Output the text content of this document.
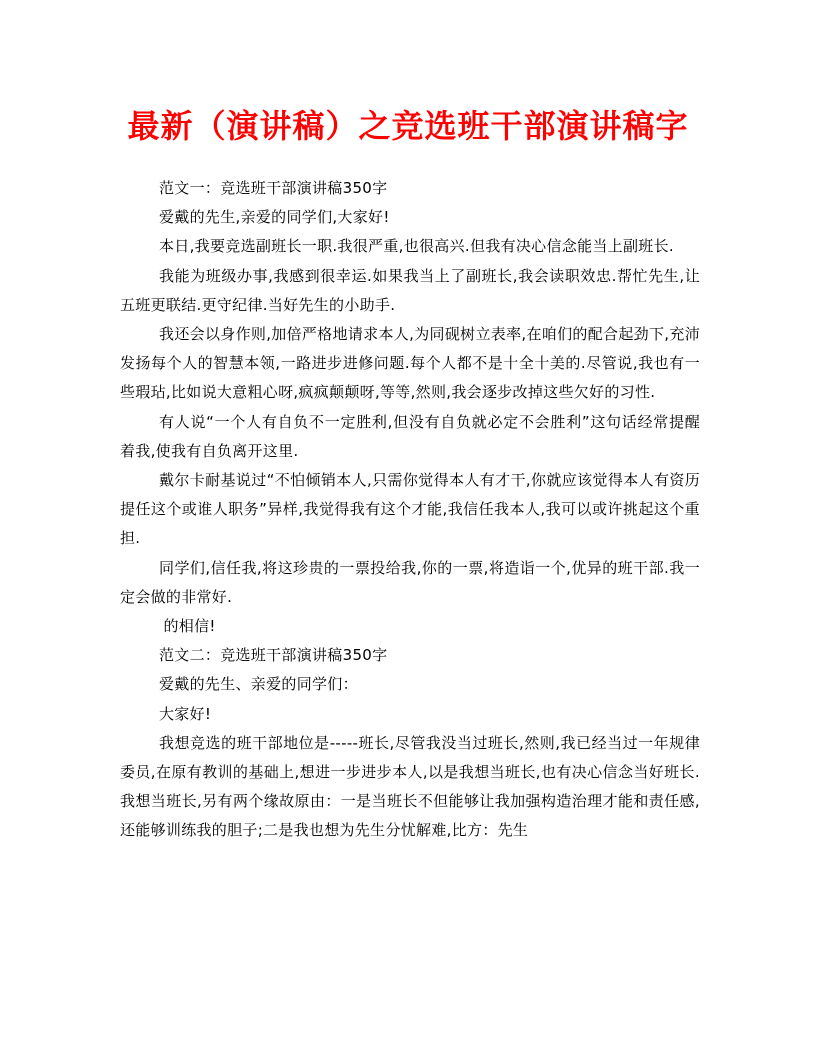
最新（演讲稿）之竞选班干部演讲稿字

范文一：竞选班干部演讲稿350字

爱戴的先生,亲爱的同学们,大家好!

本日,我要竞选副班长一职.我很严重,也很高兴.但我有决心信念能当上副班长.

我能为班级办事,我感到很幸运.如果我当上了副班长,我会读职效忠.帮忙先生,让五班更联结.更守纪律.当好先生的小助手.

我还会以身作则,加倍严格地请求本人,为同砚树立表率,在咱们的配合起劲下,充沛发扬每个人的智慧本领,一路进步进修问题.每个人都不是十全十美的.尽管说,我也有一些瑕玷,比如说大意粗心呀,疯疯颠颠呀,等等,然则,我会逐步改掉这些欠好的习性.

有人说“一个人有自负不一定胜利,但没有自负就必定不会胜利”这句话经常提醒着我,使我有自负离开这里.

戴尔卡耐基说过“不怕倾销本人,只需你觉得本人有才干,你就应该觉得本人有资历提任这个或谁人职务”异样,我觉得我有这个才能,我信任我本人,我可以或许挑起这个重担.

同学们,信任我,将这珍贵的一票投给我,你的一票,将造诣一个,优异的班干部.我一定会做的非常好.

的相信!

范文二：竞选班干部演讲稿350字

爱戴的先生、亲爱的同学们：

大家好!

我想竞选的班干部地位是-----班长,尽管我没当过班长,然则,我已经当过一年规律委员,在原有教训的基础上,想进一步进步本人,以是我想当班长,也有决心信念当好班长.我想当班长,另有两个缘故原由：一是当班长不但能够让我加强构造治理才能和责任感,还能够训练我的胆子;二是我也想为先生分忧解难,比方：先生
